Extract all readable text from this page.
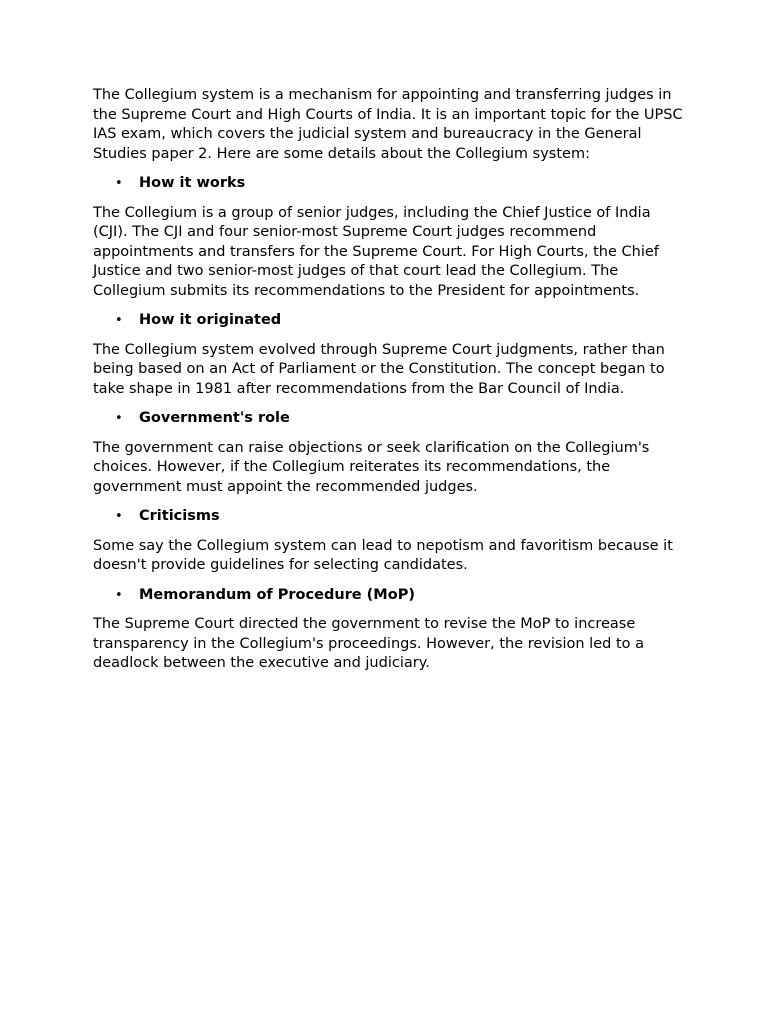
The Collegium system is a mechanism for appointing and transferring judges in the Supreme Court and High Courts of India. It is an important topic for the UPSC IAS exam, which covers the judicial system and bureaucracy in the General Studies paper 2. Here are some details about the Collegium system:

•	How it works

The Collegium is a group of senior judges, including the Chief Justice of India (CJI). The CJI and four senior-most Supreme Court judges recommend appointments and transfers for the Supreme Court. For High Courts, the Chief Justice and two senior-most judges of that court lead the Collegium. The Collegium submits its recommendations to the President for appointments.

•	How it originated

The Collegium system evolved through Supreme Court judgments, rather than being based on an Act of Parliament or the Constitution. The concept began to take shape in 1981 after recommendations from the Bar Council of India.

•	Government's role

The government can raise objections or seek clarification on the Collegium's choices. However, if the Collegium reiterates its recommendations, the government must appoint the recommended judges.

•	Criticisms

Some say the Collegium system can lead to nepotism and favoritism because it doesn't provide guidelines for selecting candidates.

•	Memorandum of Procedure (MoP)

The Supreme Court directed the government to revise the MoP to increase transparency in the Collegium's proceedings. However, the revision led to a deadlock between the executive and judiciary.
